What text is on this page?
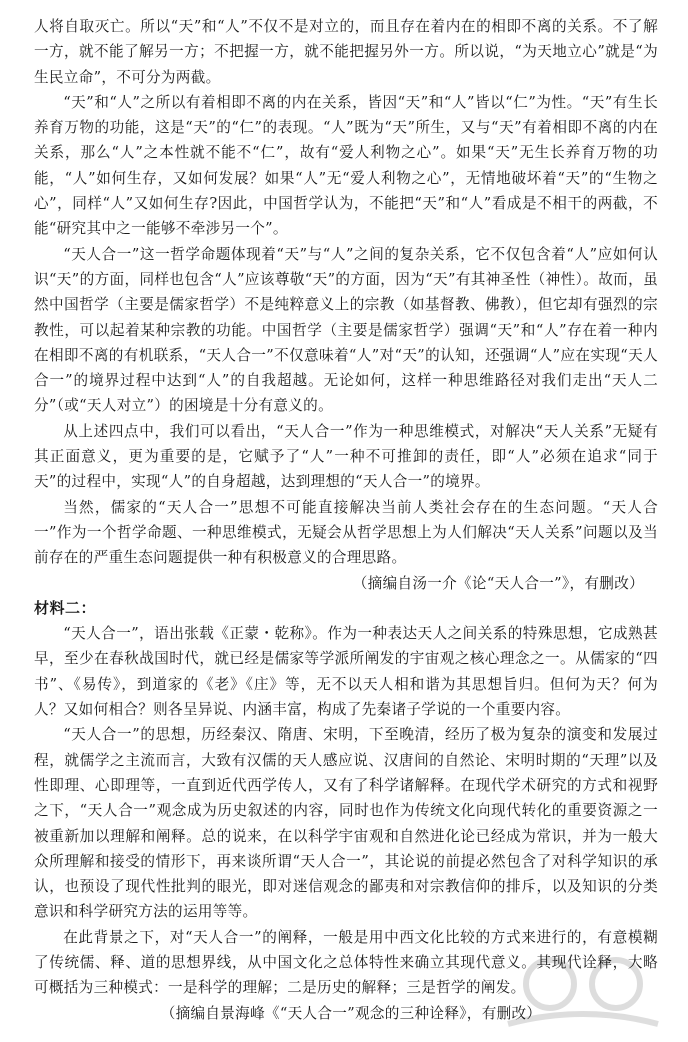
人将自取灭亡。所以“天”和“人”不仅不是对立的，而且存在着内在的相即不离的关系。不了解一方，就不能了解另一方；不把握一方，就不能把握另外一方。所以说，“为天地立心”就是“为生民立命”，不可分为两截。

“天”和“人”之所以有着相即不离的内在关系，皆因“天”和“人”皆以“仁”为性。“天”有生长养育万物的功能，这是“天”的“仁”的表现。“人”既为“天”所生，又与“天”有着相即不离的内在关系，那么“人”之本性就不能不“仁”，故有“爱人利物之心”。如果“天”无生长养育万物的功能，“人”如何生存，又如何发展？如果“人”无“爱人利物之心”，无情地破坏着“天”的“生物之心”，同样“人”又如何生存?因此，中国哲学认为，不能把“天”和“人”看成是不相干的两截，不能“研究其中之一能够不牵涉另一个”。

“天人合一”这一哲学命题体现着“天”与“人”之间的复杂关系，它不仅包含着“人”应如何认识“天”的方面，同样也包含“人”应该尊敬“天”的方面，因为“天”有其神圣性（神性）。故而，虽然中国哲学（主要是儒家哲学）不是纯粹意义上的宗教（如基督教、佛教），但它却有强烈的宗教性，可以起着某种宗教的功能。中国哲学（主要是儒家哲学）强调“天”和“人”存在着一种内在相即不离的有机联系，“天人合一”不仅意味着“人”对“天”的认知，还强调“人”应在实现“天人合一”的境界过程中达到“人”的自我超越。无论如何，这样一种思维路径对我们走出“天人二分”（或“天人对立”）的困境是十分有意义的。

从上述四点中，我们可以看出，“天人合一”作为一种思维模式，对解决“天人关系”无疑有其正面意义，更为重要的是，它赋予了“人”一种不可推卸的责任，即“人”必须在追求“同于天”的过程中，实现“人”的自身超越，达到理想的“天人合一”的境界。

当然，儒家的“天人合一”思想不可能直接解决当前人类社会存在的生态问题。“天人合一”作为一个哲学命题、一种思维模式，无疑会从哲学思想上为人们解决“天人关系”问题以及当前存在的严重生态问题提供一种有积极意义的合理思路。

（摘编自汤一介《论“天人合一”》，有删改）

材料二：

“天人合一”，语出张载《正蒙・乾称》。作为一种表达天人之间关系的特殊思想，它成熟甚早，至少在春秋战国时代，就已经是儒家等学派所阐发的宇宙观之核心理念之一。从儒家的“四书”、《易传》，到道家的《老》《庄》等，无不以天人相和谐为其思想旨归。但何为天？何为人？又如何相合？则各呈异说、内涵丰富，构成了先秦诸子学说的一个重要内容。

“天人合一”的思想，历经秦汉、隋唐、宋明，下至晚清，经历了极为复杂的演变和发展过程，就儒学之主流而言，大致有汉儒的天人感应说、汉唐间的自然论、宋明时期的“天理”以及性即理、心即理等，一直到近代西学传人，又有了科学诸解释。在现代学术研究的方式和视野之下，“天人合一”观念成为历史叙述的内容，同时也作为传统文化向现代转化的重要资源之一被重新加以理解和阐释。总的说来，在以科学宇宙观和自然进化论已经成为常识，并为一般大众所理解和接受的情形下，再来谈所谓“天人合一”，其论说的前提必然包含了对科学知识的承认，也预设了现代性批判的眼光，即对迷信观念的鄙夷和对宗教信仰的排斥，以及知识的分类意识和科学研究方法的运用等等。

在此背景之下，对“天人合一”的阐释，一般是用中西文化比较的方式来进行的，有意模糊了传统儒、释、道的思想界线，从中国文化之总体特性来确立其现代意义。其现代诠释，大略可概括为三种模式：一是科学的理解；二是历史的解释；三是哲学的阐发。

（摘编自景海峰《“天人合一”观念的三种诠释》，有删改）
